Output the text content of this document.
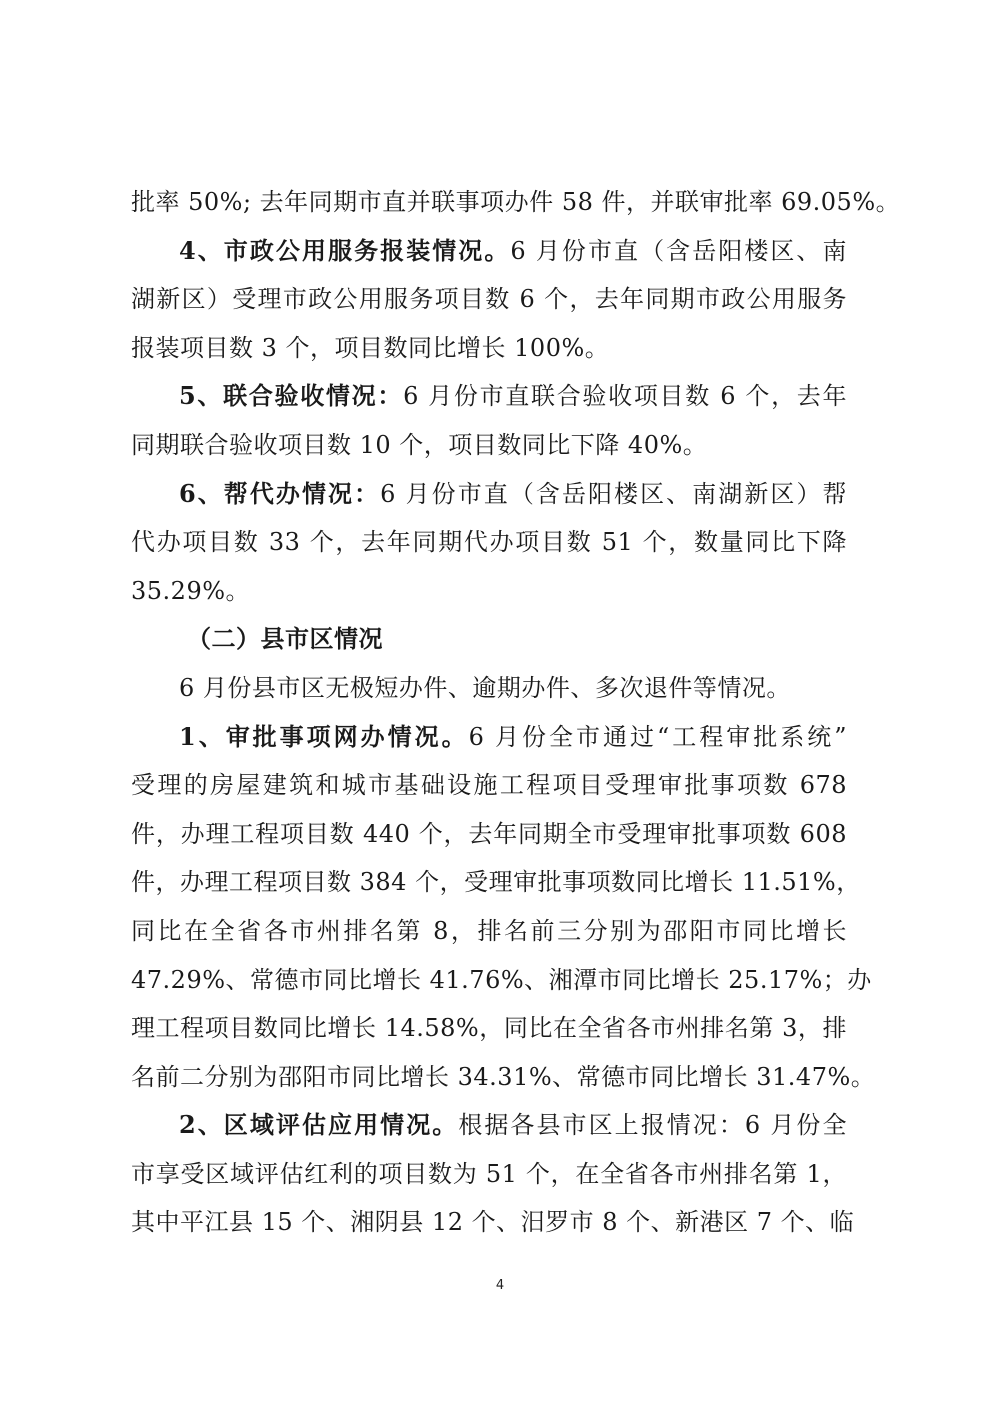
批率 50%; 去年同期市直并联事项办件 58 件，并联审批率 69.05%。
4、市政公用服务报装情况。6 月份市直（含岳阳楼区、南
湖新区）受理市政公用服务项目数 6 个，去年同期市政公用服务
报装项目数 3 个，项目数同比增长 100%。
5、联合验收情况：6 月份市直联合验收项目数 6 个，去年
同期联合验收项目数 10 个，项目数同比下降 40%。
6、帮代办情况：6 月份市直（含岳阳楼区、南湖新区）帮
代办项目数 33 个，去年同期代办项目数 51 个，数量同比下降
35.29%。
（二）县市区情况
6 月份县市区无极短办件、逾期办件、多次退件等情况。
1、审批事项网办情况。6 月份全市通过“工程审批系统”
受理的房屋建筑和城市基础设施工程项目受理审批事项数 678
件，办理工程项目数 440 个，去年同期全市受理审批事项数 608
件，办理工程项目数 384 个，受理审批事项数同比增长 11.51%，
同比在全省各市州排名第 8，排名前三分别为邵阳市同比增长
47.29%、常德市同比增长 41.76%、湘潭市同比增长 25.17%；办
理工程项目数同比增长 14.58%，同比在全省各市州排名第 3，排
名前二分别为邵阳市同比增长 34.31%、常德市同比增长 31.47%。
2、区域评估应用情况。根据各县市区上报情况：6 月份全
市享受区域评估红利的项目数为 51 个，在全省各市州排名第 1，
其中平江县 15 个、湘阴县 12 个、汨罗市 8 个、新港区 7 个、临
4
